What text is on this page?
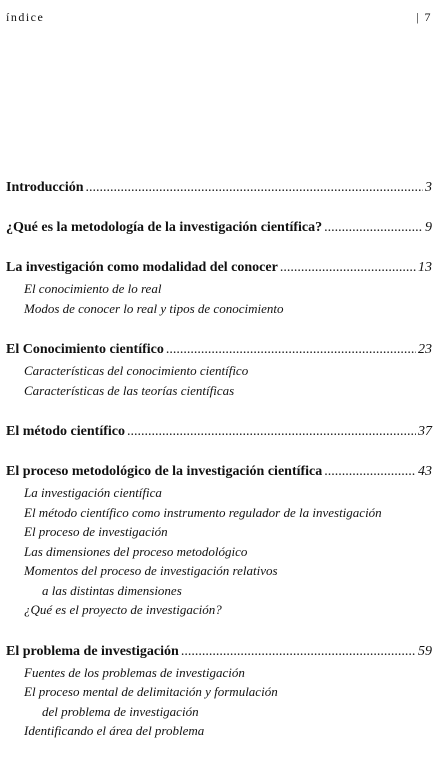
índice	| 7
Introducción .....	3
¿Qué es la metodología de la investigación científica? .....	9
La investigación como modalidad del conocer .....	13
El conocimiento de lo real
Modos de conocer lo real y tipos de conocimiento
El Conocimiento científico .....	23
Características del conocimiento científico
Características de las teorías científicas
El método científico .....	37
El proceso metodológico de la investigación científica .....	43
La investigación científica
El método científico como instrumento regulador de la investigación
El proceso de investigación
Las dimensiones del proceso metodológico
Momentos del proceso de investigación relativos
a las distintas dimensiones
¿Qué es el proyecto de investigación?
El problema de investigación .....	59
Fuentes de los problemas de investigación
El proceso mental de delimitación y formulación
del problema de investigación
Identificando el área del problema
